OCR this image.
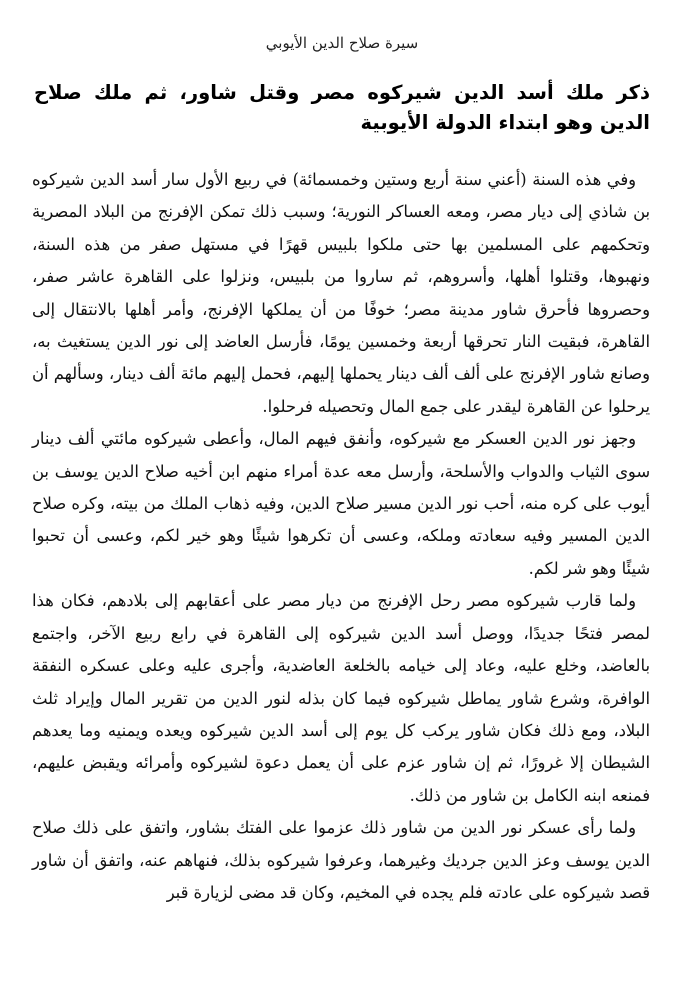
سيرة صلاح الدين الأيوبي
ذكر ملك أسد الدين شيركوه مصر وقتل شاور، ثم ملك صلاح الدين وهو ابتداء الدولة الأيوبية

وفي هذه السنة (أعني سنة أربع وستين وخمسمائة) في ربيع الأول سار أسد الدين شيركوه بن شاذي إلى ديار مصر، ومعه العساكر النورية؛ وسبب ذلك تمكن الإفرنج من البلاد المصرية وتحكمهم على المسلمين بها حتى ملكوا بلبيس قهرًا في مستهل صفر من هذه السنة، ونهبوها، وقتلوا أهلها، وأسروهم، ثم ساروا من بلبيس، ونزلوا على القاهرة عاشر صفر، وحصروها فأحرق شاور مدينة مصر؛ خوفًا من أن يملكها الإفرنج، وأمر أهلها بالانتقال إلى القاهرة، فبقيت النار تحرقها أربعة وخمسين يومًا، فأرسل العاضد إلى نور الدين يستغيث به، وصانع شاور الإفرنج على ألف ألف دينار يحملها إليهم، فحمل إليهم مائة ألف دينار، وسألهم أن يرحلوا عن القاهرة ليقدر على جمع المال وتحصيله فرحلوا.

وجهز نور الدين العسكر مع شيركوه، وأنفق فيهم المال، وأعطى شيركوه مائتي ألف دينار سوى الثياب والدواب والأسلحة، وأرسل معه عدة أمراء منهم ابن أخيه صلاح الدين يوسف بن أيوب على كره منه، أحب نور الدين مسير صلاح الدين، وفيه ذهاب الملك من بيته، وكره صلاح الدين المسير وفيه سعادته وملكه، وعسى أن تكرهوا شيئًا وهو خير لكم، وعسى أن تحبوا شيئًا وهو شر لكم.

ولما قارب شيركوه مصر رحل الإفرنج من ديار مصر على أعقابهم إلى بلادهم، فكان هذا لمصر فتحًا جديدًا، ووصل أسد الدين شيركوه إلى القاهرة في رابع ربيع الآخر، واجتمع بالعاضد، وخلع عليه، وعاد إلى خيامه بالخلعة العاضدية، وأجرى عليه وعلى عسكره النفقة الوافرة، وشرع شاور يماطل شيركوه فيما كان بذله لنور الدين من تقرير المال وإيراد ثلث البلاد، ومع ذلك فكان شاور يركب كل يوم إلى أسد الدين شيركوه ويعده ويمنيه وما يعدهم الشيطان إلا غرورًا، ثم إن شاور عزم على أن يعمل دعوة لشيركوه وأمرائه ويقبض عليهم، فمنعه ابنه الكامل بن شاور من ذلك.

ولما رأى عسكر نور الدين من شاور ذلك عزموا على الفتك بشاور، واتفق على ذلك صلاح الدين يوسف وعز الدين جرديك وغيرهما، وعرفوا شيركوه بذلك، فنهاهم عنه، واتفق أن شاور قصد شيركوه على عادته فلم يجده في المخيم، وكان قد مضى لزيارة قبر
